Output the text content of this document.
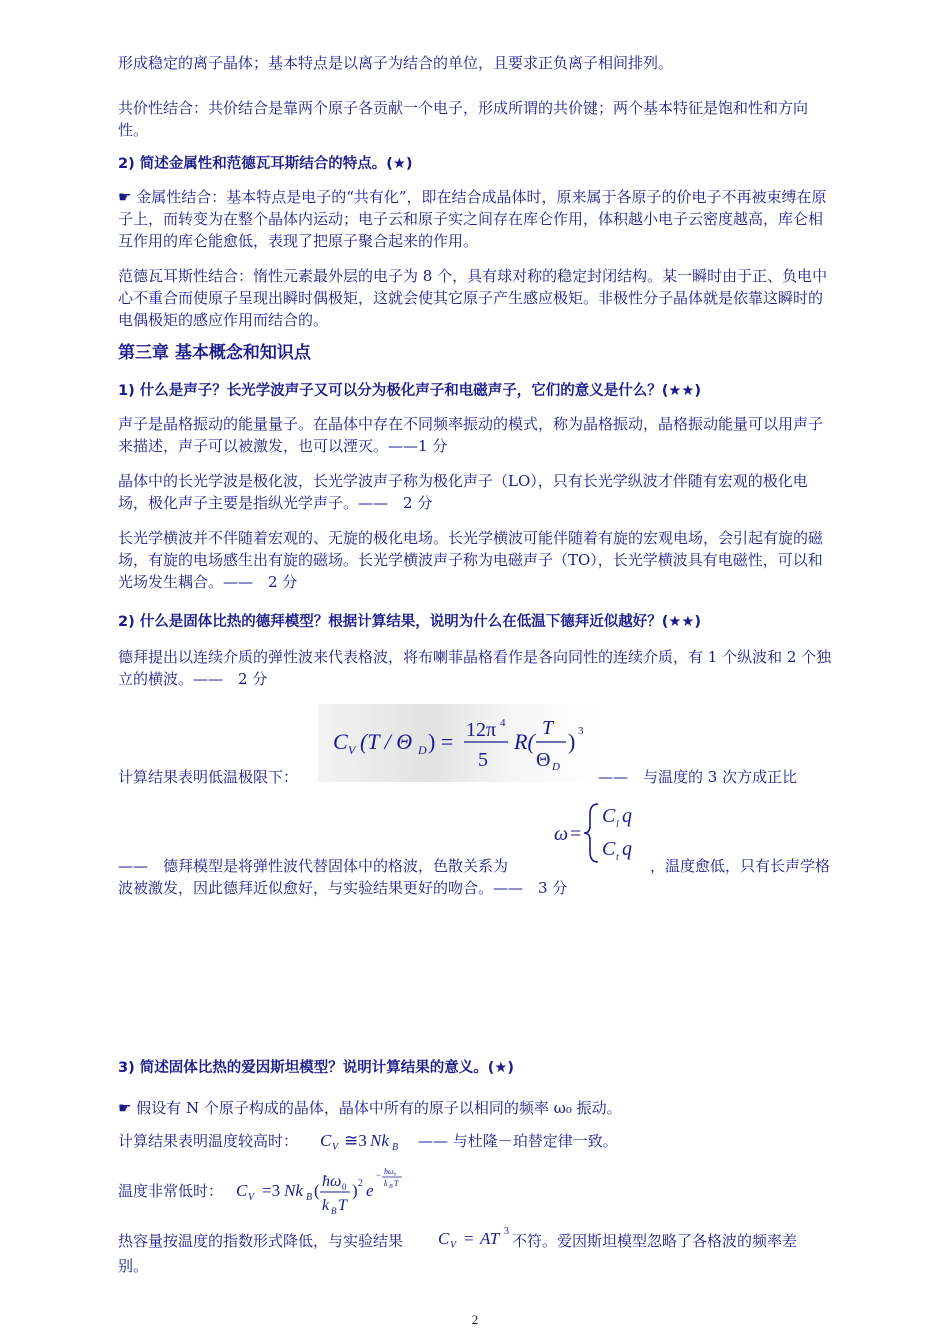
形成稳定的离子晶体；基本特点是以离子为结合的单位，且要求正负离子相间排列。
共价性结合：共价结合是靠两个原子各贡献一个电子，形成所谓的共价键；两个基本特征是饱和性和方向性。
2) 简述金属性和范德瓦耳斯结合的特点。(★)
☛ 金属性结合：基本特点是电子的“共有化”，即在结合成晶体时，原来属于各原子的价电子不再被束缚在原子上，而转变为在整个晶体内运动；电子云和原子实之间存在库仑作用，体积越小电子云密度越高，库仑相互作用的库仑能愈低，表现了把原子聚合起来的作用。
范德瓦耳斯性结合：惰性元素最外层的电子为 8 个，具有球对称的稳定封闭结构。某一瞬时由于正、负电中心不重合而使原子呈现出瞬时偶极矩，这就会使其它原子产生感应极矩。非极性分子晶体就是依靠这瞬时的电偶极矩的感应作用而结合的。
第三章 基本概念和知识点
1) 什么是声子？长光学波声子又可以分为极化声子和电磁声子，它们的意义是什么？(★★)
声子是晶格振动的能量量子。在晶体中存在不同频率振动的模式，称为晶格振动，晶格振动能量可以用声子来描述，声子可以被激发，也可以湮灭。——1 分
晶体中的长光学波是极化波，长光学波声子称为极化声子（LO），只有长光学纵波才伴随有宏观的极化电场，极化声子主要是指纵光学声子。——　2 分
长光学横波并不伴随着宏观的、无旋的极化电场。长光学横波可能伴随着有旋的宏观电场，会引起有旋的磁场，有旋的电场感生出有旋的磁场。长光学横波声子称为电磁声子（TO），长光学横波具有电磁性，可以和光场发生耦合。——　2 分
2) 什么是固体比热的德拜模型？根据计算结果，说明为什么在低温下德拜近似越好？(★★)
德拜提出以连续介质的弹性波来代表格波，将布喇菲晶格看作是各向同性的连续介质，有 1 个纵波和 2 个独立的横波。——　2 分
C V (T / Θ D ) = 12π 4
5
R(
T
Θ D
) 3
计算结果表明低温极限下：	——　与温度的 3 次方成正比
ω =
C l q
C t q
——　德拜模型是将弹性波代替固体中的格波，色散关系为	，温度愈低，只有长声学格
波被激发，因此德拜近似愈好，与实验结果更好的吻合。——　3 分
3) 简述固体比热的爱因斯坦模型？说明计算结果的意义。(★)
☛ 假设有 N 个原子构成的晶体，晶体中所有的原子以相同的频率 ω₀ 振动。
计算结果表明温度较高时：	C V ≅3 Nk B —— 与杜隆－珀替定律一致。
温度非常低时： C V =3 Nk B ( ħω 0
k B T
) 2 e
− ħω₀
k B T
热容量按温度的指数形式降低，与实验结果	C V = AT 3
不符。爱因斯坦模型忽略了各格波的频率差
别。
2
